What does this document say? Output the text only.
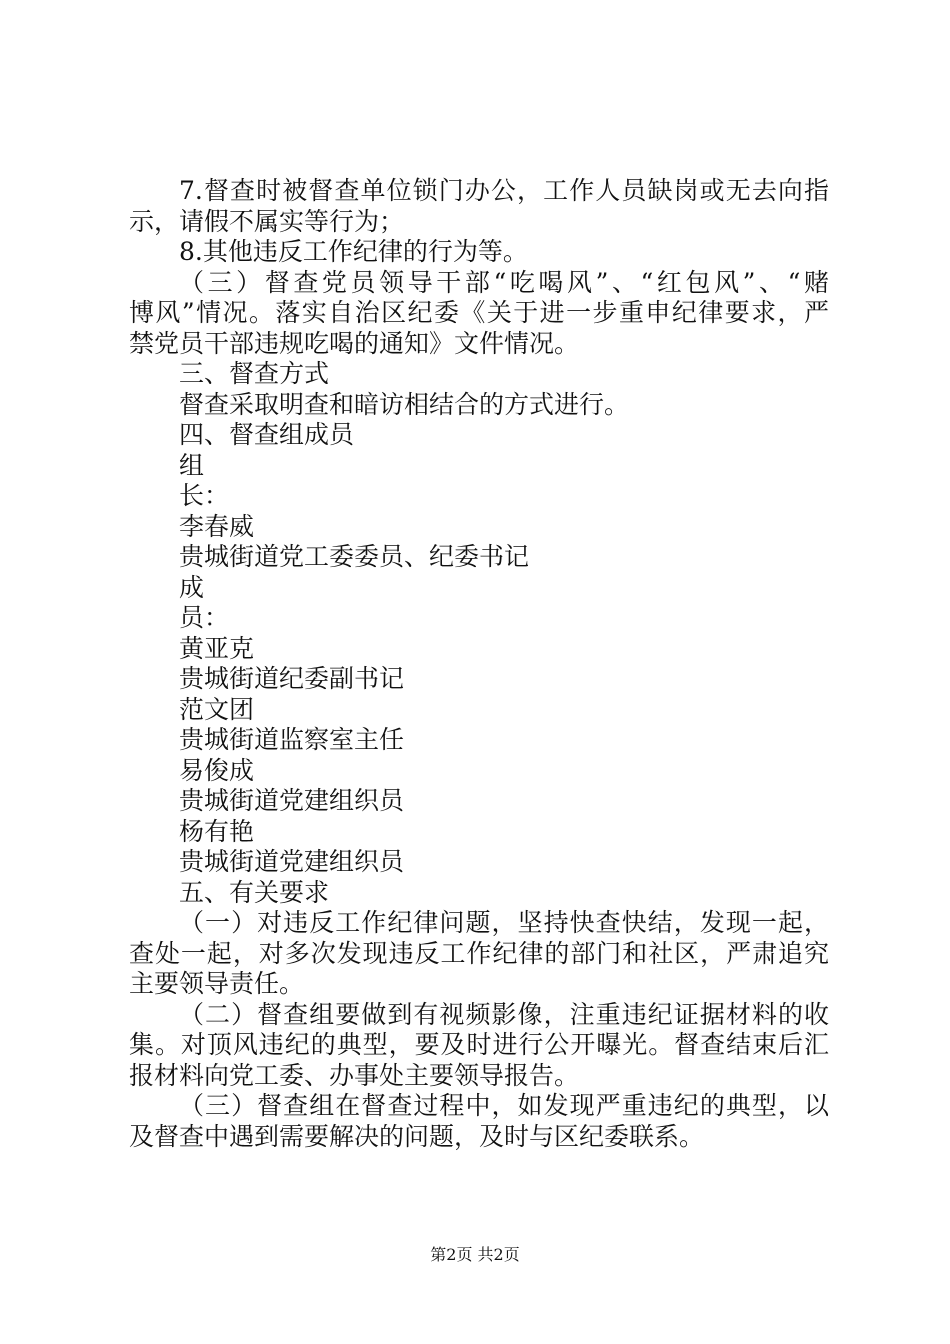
7.督查时被督查单位锁门办公，工作人员缺岗或无去向指
示，请假不属实等行为；
8.其他违反工作纪律的行为等。
（三）督查党员领导干部“吃喝风”、“红包风”、“赌
博风”情况。落实自治区纪委《关于进一步重申纪律要求，严
禁党员干部违规吃喝的通知》文件情况。
三、督查方式
督查采取明查和暗访相结合的方式进行。
四、督查组成员
组
长：
李春威
贵城街道党工委委员、纪委书记
成
员：
黄亚克
贵城街道纪委副书记
范文团
贵城街道监察室主任
易俊成
贵城街道党建组织员
杨有艳
贵城街道党建组织员
五、有关要求
（一）对违反工作纪律问题，坚持快查快结，发现一起，
查处一起，对多次发现违反工作纪律的部门和社区，严肃追究
主要领导责任。
（二）督查组要做到有视频影像，注重违纪证据材料的收
集。对顶风违纪的典型，要及时进行公开曝光。督查结束后汇
报材料向党工委、办事处主要领导报告。
（三）督查组在督查过程中，如发现严重违纪的典型，以
及督查中遇到需要解决的问题，及时与区纪委联系。
第2页 共2页
